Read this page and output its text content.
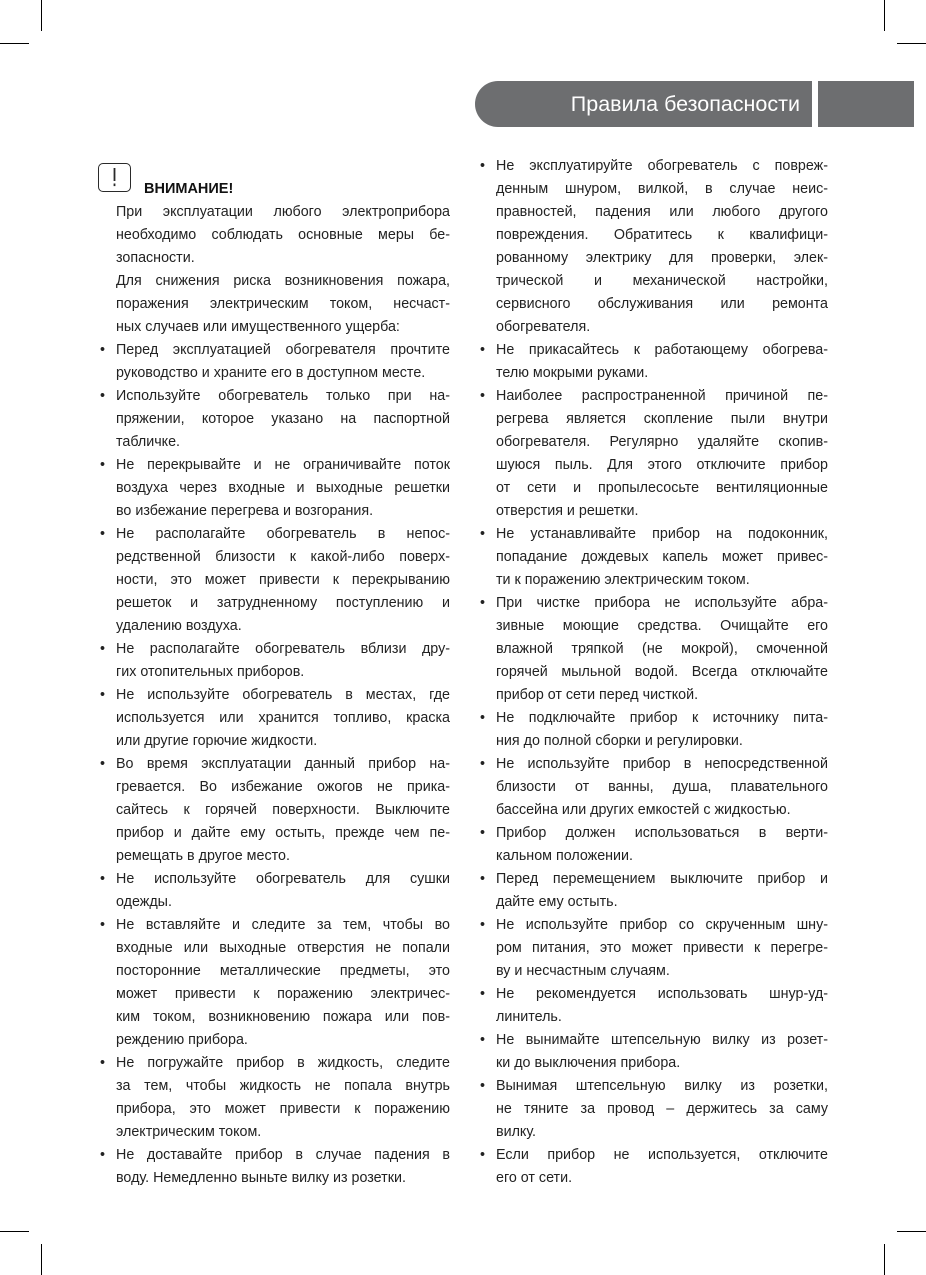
Правила безопасности
ВНИМАНИЕ!
При эксплуатации любого электроприбора
необходимо соблюдать основные меры бе-
зопасности.
Для снижения риска возникновения пожара,
поражения электрическим током, несчаст-
ных случаев или имущественного ущерба:
• Перед эксплуатацией обогревателя прочтите
руководство и храните его в доступном месте.
• Используйте обогреватель только при на-
пряжении, которое указано на паспортной
табличке.
• Не перекрывайте и не ограничивайте поток
воздуха через входные и выходные решетки
во избежание перегрева и возгорания.
• Не располагайте обогреватель в непос-
редственной близости к какой-либо поверх-
ности, это может привести к перекрыванию
решеток и затрудненному поступлению и
удалению воздуха.
• Не располагайте обогреватель вблизи дру-
гих отопительных приборов.
• Не используйте обогреватель в местах, где
используется или хранится топливо, краска
или другие горючие жидкости.
• Во время эксплуатации данный прибор на-
гревается. Во избежание ожогов не прика-
сайтесь к горячей поверхности. Выключите
прибор и дайте ему остыть, прежде чем пе-
ремещать в другое место.
• Не используйте обогреватель для сушки
одежды.
• Не вставляйте и следите за тем, чтобы во
входные или выходные отверстия не попали
посторонние металлические предметы, это
может привести к поражению электричес-
ким током, возникновению пожара или пов-
реждению прибора.
• Не погружайте прибор в жидкость, следите
за тем, чтобы жидкость не попала внутрь
прибора, это может привести к поражению
электрическим током.
• Не доставайте прибор в случае падения в
воду. Немедленно выньте вилку из розетки.
• Не эксплуатируйте обогреватель с повреж-
денным шнуром, вилкой, в случае неис-
правностей, падения или любого другого
повреждения. Обратитесь к квалифици-
рованному электрику для проверки, элек-
трической и механической настройки,
сервисного обслуживания или ремонта
обогревателя.
• Не прикасайтесь к работающему обогрева-
телю мокрыми руками.
• Наиболее распространенной причиной пе-
регрева является скопление пыли внутри
обогревателя. Регулярно удаляйте скопив-
шуюся пыль. Для этого отключите прибор
от сети и пропылесосьте вентиляционные
отверстия и решетки.
• Не устанавливайте прибор на подоконник,
попадание дождевых капель может привес-
ти к поражению электрическим током.
• При чистке прибора не используйте абра-
зивные моющие средства. Очищайте его
влажной тряпкой (не мокрой), смоченной
горячей мыльной водой. Всегда отключайте
прибор от сети перед чисткой.
• Не подключайте прибор к источнику пита-
ния до полной сборки и регулировки.
• Не используйте прибор в непосредственной
близости от ванны, душа, плавательного
бассейна или других емкостей с жидкостью.
• Прибор должен использоваться в верти-
кальном положении.
• Перед перемещением выключите прибор и
дайте ему остыть.
• Не используйте прибор со скрученным шну-
ром питания, это может привести к перегре-
ву и несчастным случаям.
• Не рекомендуется использовать шнур-уд-
линитель.
• Не вынимайте штепсельную вилку из розет-
ки до выключения прибора.
• Вынимая штепсельную вилку из розетки,
не тяните за провод – держитесь за саму
вилку.
• Если прибор не используется, отключите
его от сети.
